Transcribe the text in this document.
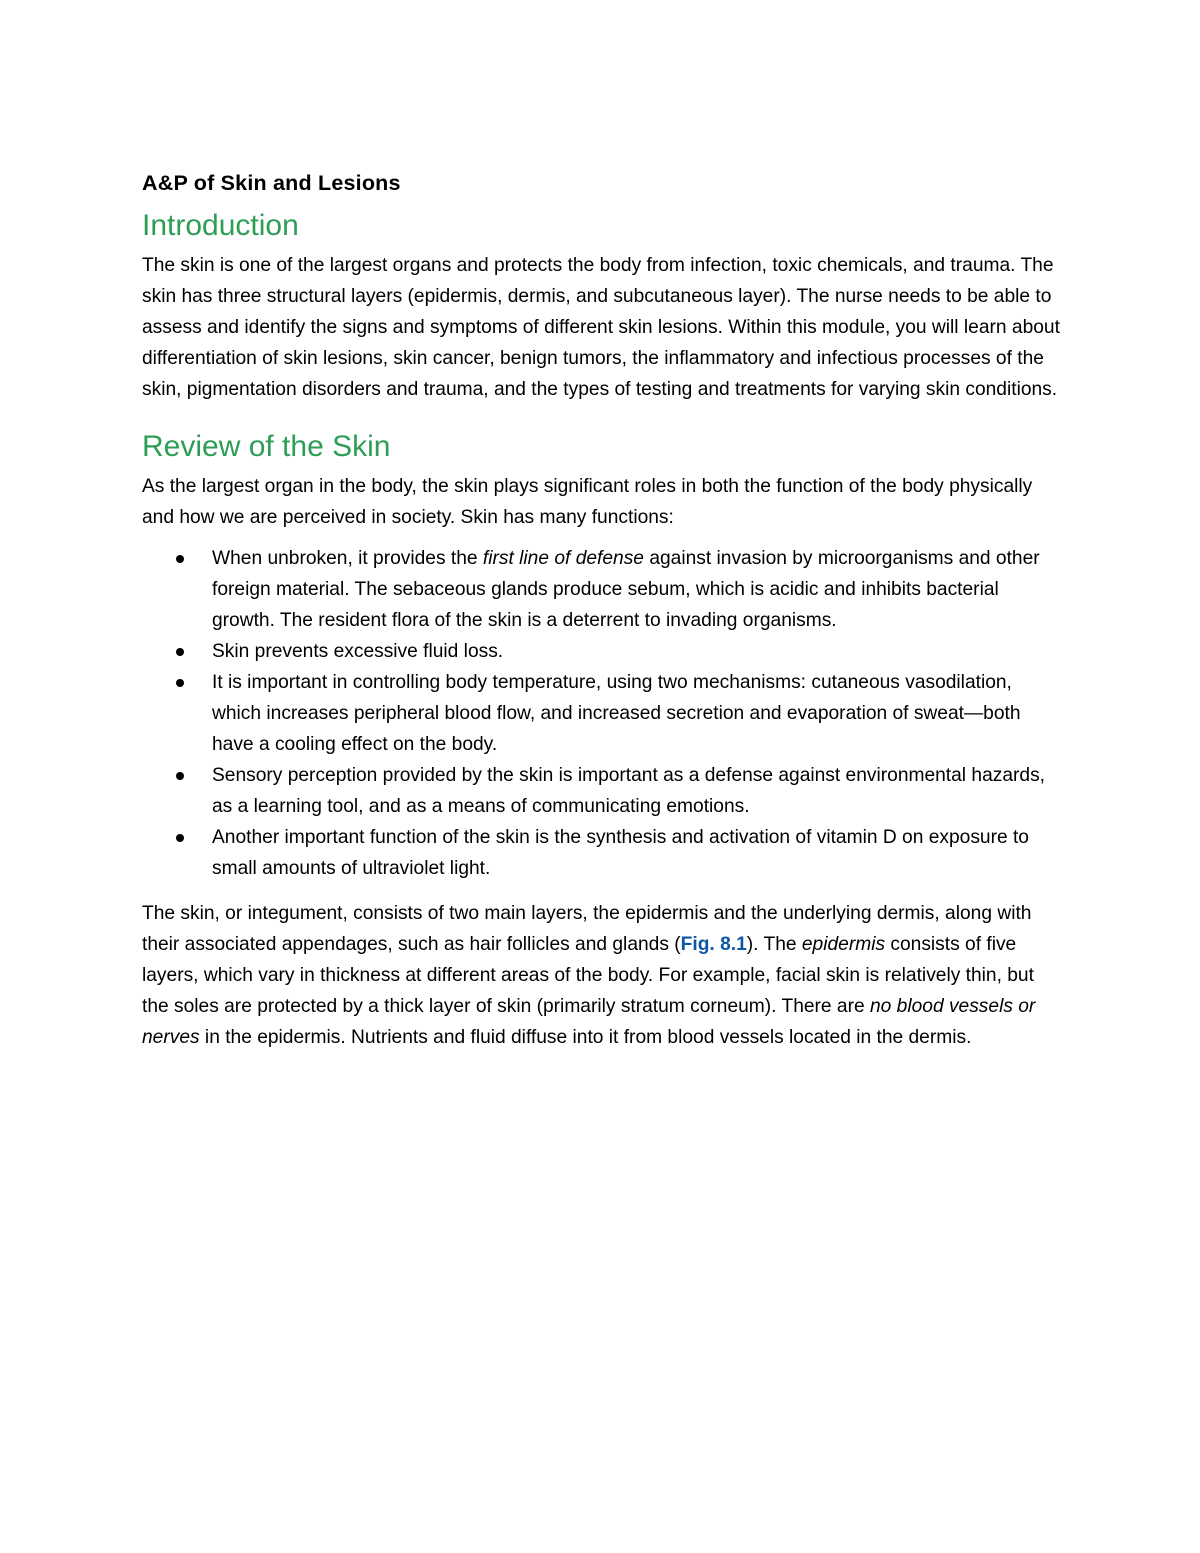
A&P of Skin and Lesions
Introduction

The skin is one of the largest organs and protects the body from infection, toxic chemicals, and trauma. The skin has three structural layers (epidermis, dermis, and subcutaneous layer). The nurse needs to be able to assess and identify the signs and symptoms of different skin lesions. Within this module, you will learn about differentiation of skin lesions, skin cancer, benign tumors, the inflammatory and infectious processes of the skin, pigmentation disorders and trauma, and the types of testing and treatments for varying skin conditions.

Review of the Skin

As the largest organ in the body, the skin plays significant roles in both the function of the body physically and how we are perceived in society. Skin has many functions:

When unbroken, it provides the first line of defense against invasion by microorganisms and other foreign material. The sebaceous glands produce sebum, which is acidic and inhibits bacterial growth. The resident flora of the skin is a deterrent to invading organisms.
Skin prevents excessive fluid loss.
It is important in controlling body temperature, using two mechanisms: cutaneous vasodilation, which increases peripheral blood flow, and increased secretion and evaporation of sweat—both have a cooling effect on the body.
Sensory perception provided by the skin is important as a defense against environmental hazards, as a learning tool, and as a means of communicating emotions.
Another important function of the skin is the synthesis and activation of vitamin D on exposure to small amounts of ultraviolet light.

The skin, or integument, consists of two main layers, the epidermis and the underlying dermis, along with their associated appendages, such as hair follicles and glands (Fig. 8.1). The epidermis consists of five layers, which vary in thickness at different areas of the body. For example, facial skin is relatively thin, but the soles are protected by a thick layer of skin (primarily stratum corneum). There are no blood vessels or nerves in the epidermis. Nutrients and fluid diffuse into it from blood vessels located in the dermis.
